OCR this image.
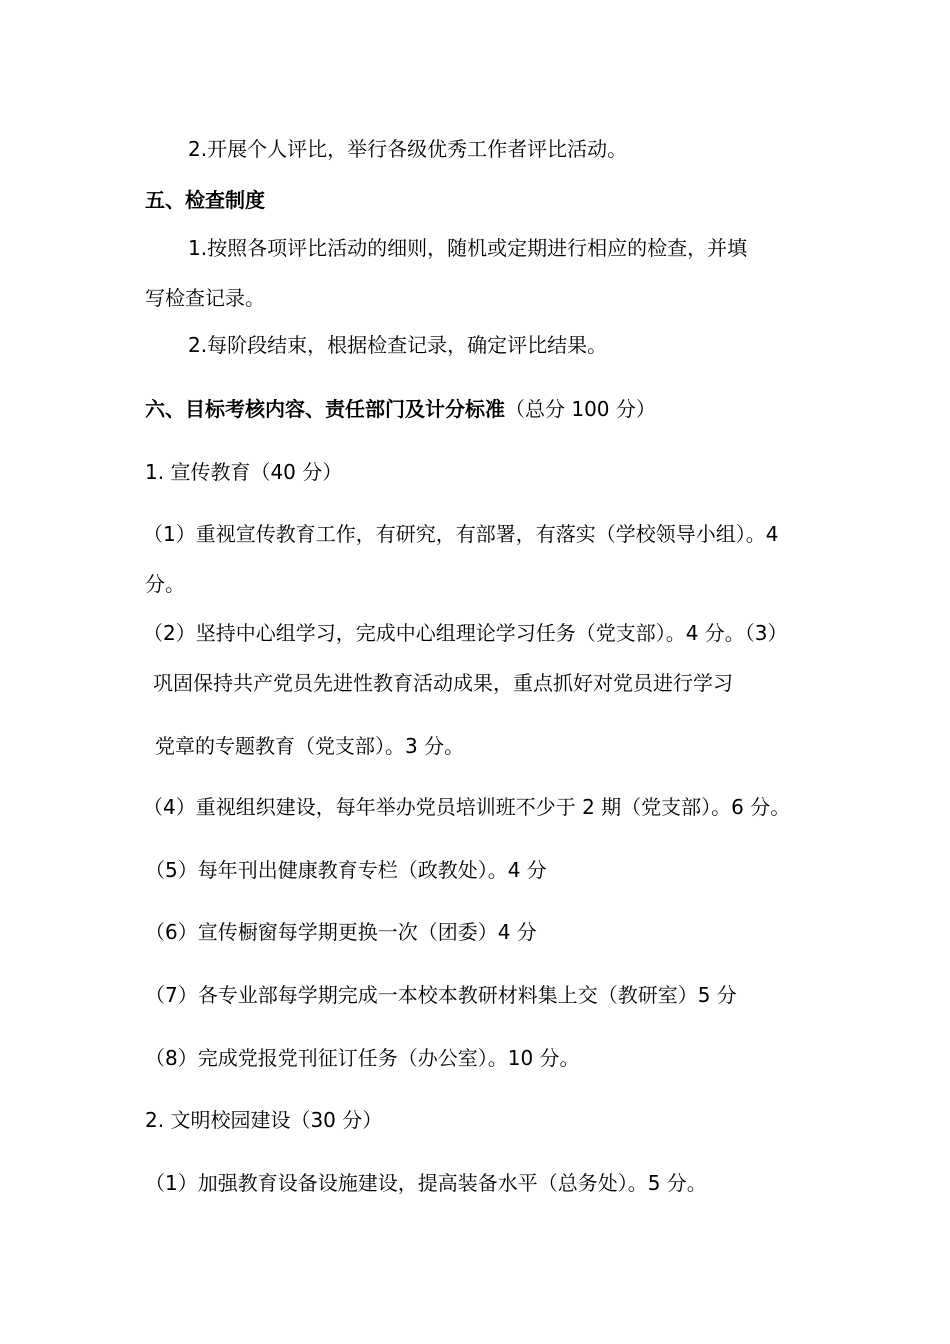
2.开展个人评比，举行各级优秀工作者评比活动。
五、检查制度
1.按照各项评比活动的细则，随机或定期进行相应的检查，并填
写检查记录。
2.每阶段结束，根据检查记录，确定评比结果。
六、目标考核内容、责任部门及计分标准（总分 100 分）
1. 宣传教育（40 分）
（1）重视宣传教育工作，有研究，有部署，有落实（学校领导小组）。4
分。
（2）坚持中心组学习，完成中心组理论学习任务（党支部）。4 分。（3）
巩固保持共产党员先进性教育活动成果，重点抓好对党员进行学习
党章的专题教育（党支部）。3 分。
（4）重视组织建设，每年举办党员培训班不少于 2 期（党支部）。6 分。
（5）每年刊出健康教育专栏（政教处）。4 分
（6）宣传橱窗每学期更换一次（团委）4 分
（7）各专业部每学期完成一本校本教研材料集上交（教研室）5 分
（8）完成党报党刊征订任务（办公室）。10 分。
2. 文明校园建设（30 分）
（1）加强教育设备设施建设，提高装备水平（总务处）。5 分。
